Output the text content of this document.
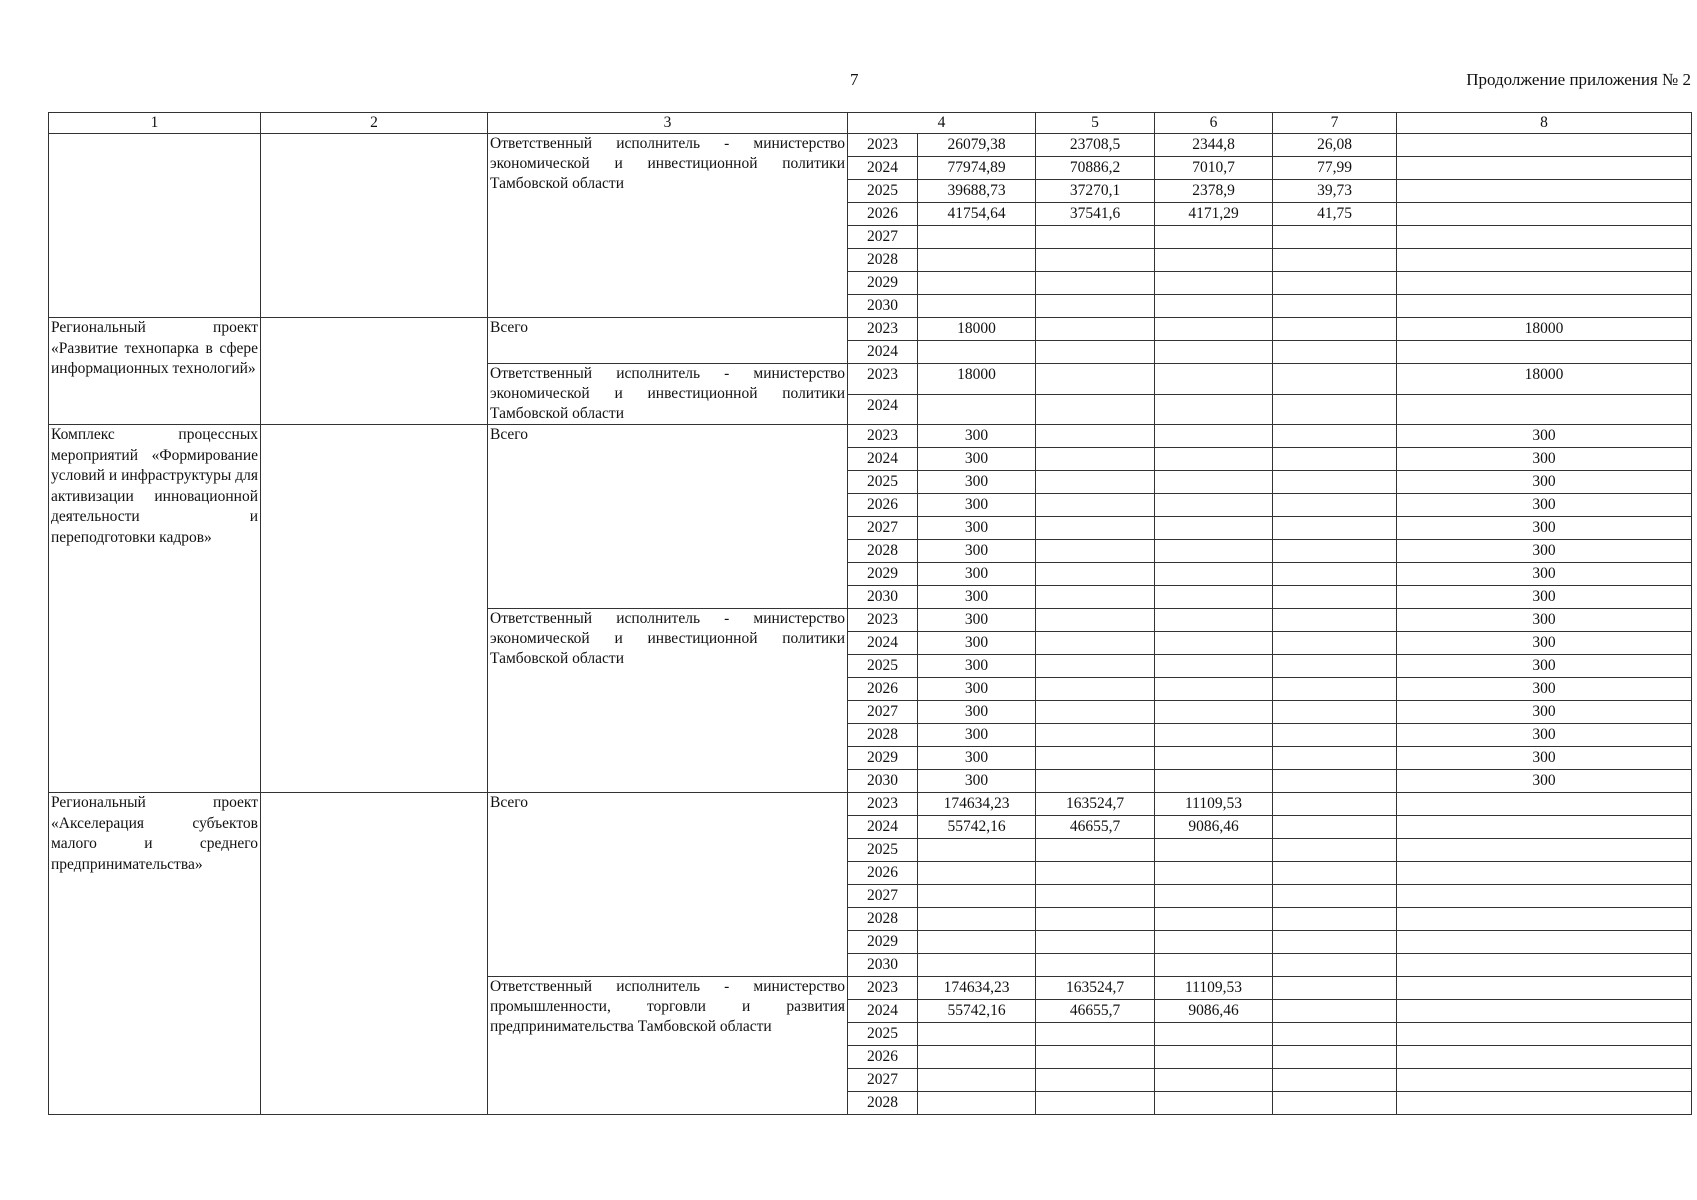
7	Продолжение приложения № 2
1	2	3	4		5	6	7	8
		Ответственный исполнитель - министерство экономической и инвестиционной политики Тамбовской области	2023	26079,38	23708,5	2344,8	26,08	
			2024	77974,89	70886,2	7010,7	77,99	
			2025	39688,73	37270,1	2378,9	39,73	
			2026	41754,64	37541,6	4171,29	41,75	
			2027					
			2028					
			2029					
			2030					
Региональный проект «Развитие технопарка в сфере информационных технологий»		Всего	2023	18000				18000
			2024					
		Ответственный исполнитель - министерство экономической и инвестиционной политики Тамбовской области	2023	18000				18000
			2024					
Комплекс процессных мероприятий «Формирование условий и инфраструктуры для активизации инновационной деятельности и переподготовки кадров»		Всего	2023	300				300
			2024	300				300
			2025	300				300
			2026	300				300
			2027	300				300
			2028	300				300
			2029	300				300
			2030	300				300
		Ответственный исполнитель - министерство экономической и инвестиционной политики Тамбовской области	2023	300				300
			2024	300				300
			2025	300				300
			2026	300				300
			2027	300				300
			2028	300				300
			2029	300				300
			2030	300				300
Региональный проект «Акселерация субъектов малого и среднего предпринимательства»		Всего	2023	174634,23	163524,7	11109,53		
			2024	55742,16	46655,7	9086,46		
			2025					
			2026					
			2027					
			2028					
			2029					
			2030					
		Ответственный исполнитель - министерство промышленности, торговли и развития предпринимательства Тамбовской области	2023	174634,23	163524,7	11109,53		
			2024	55742,16	46655,7	9086,46		
			2025					
			2026					
			2027					
			2028					
